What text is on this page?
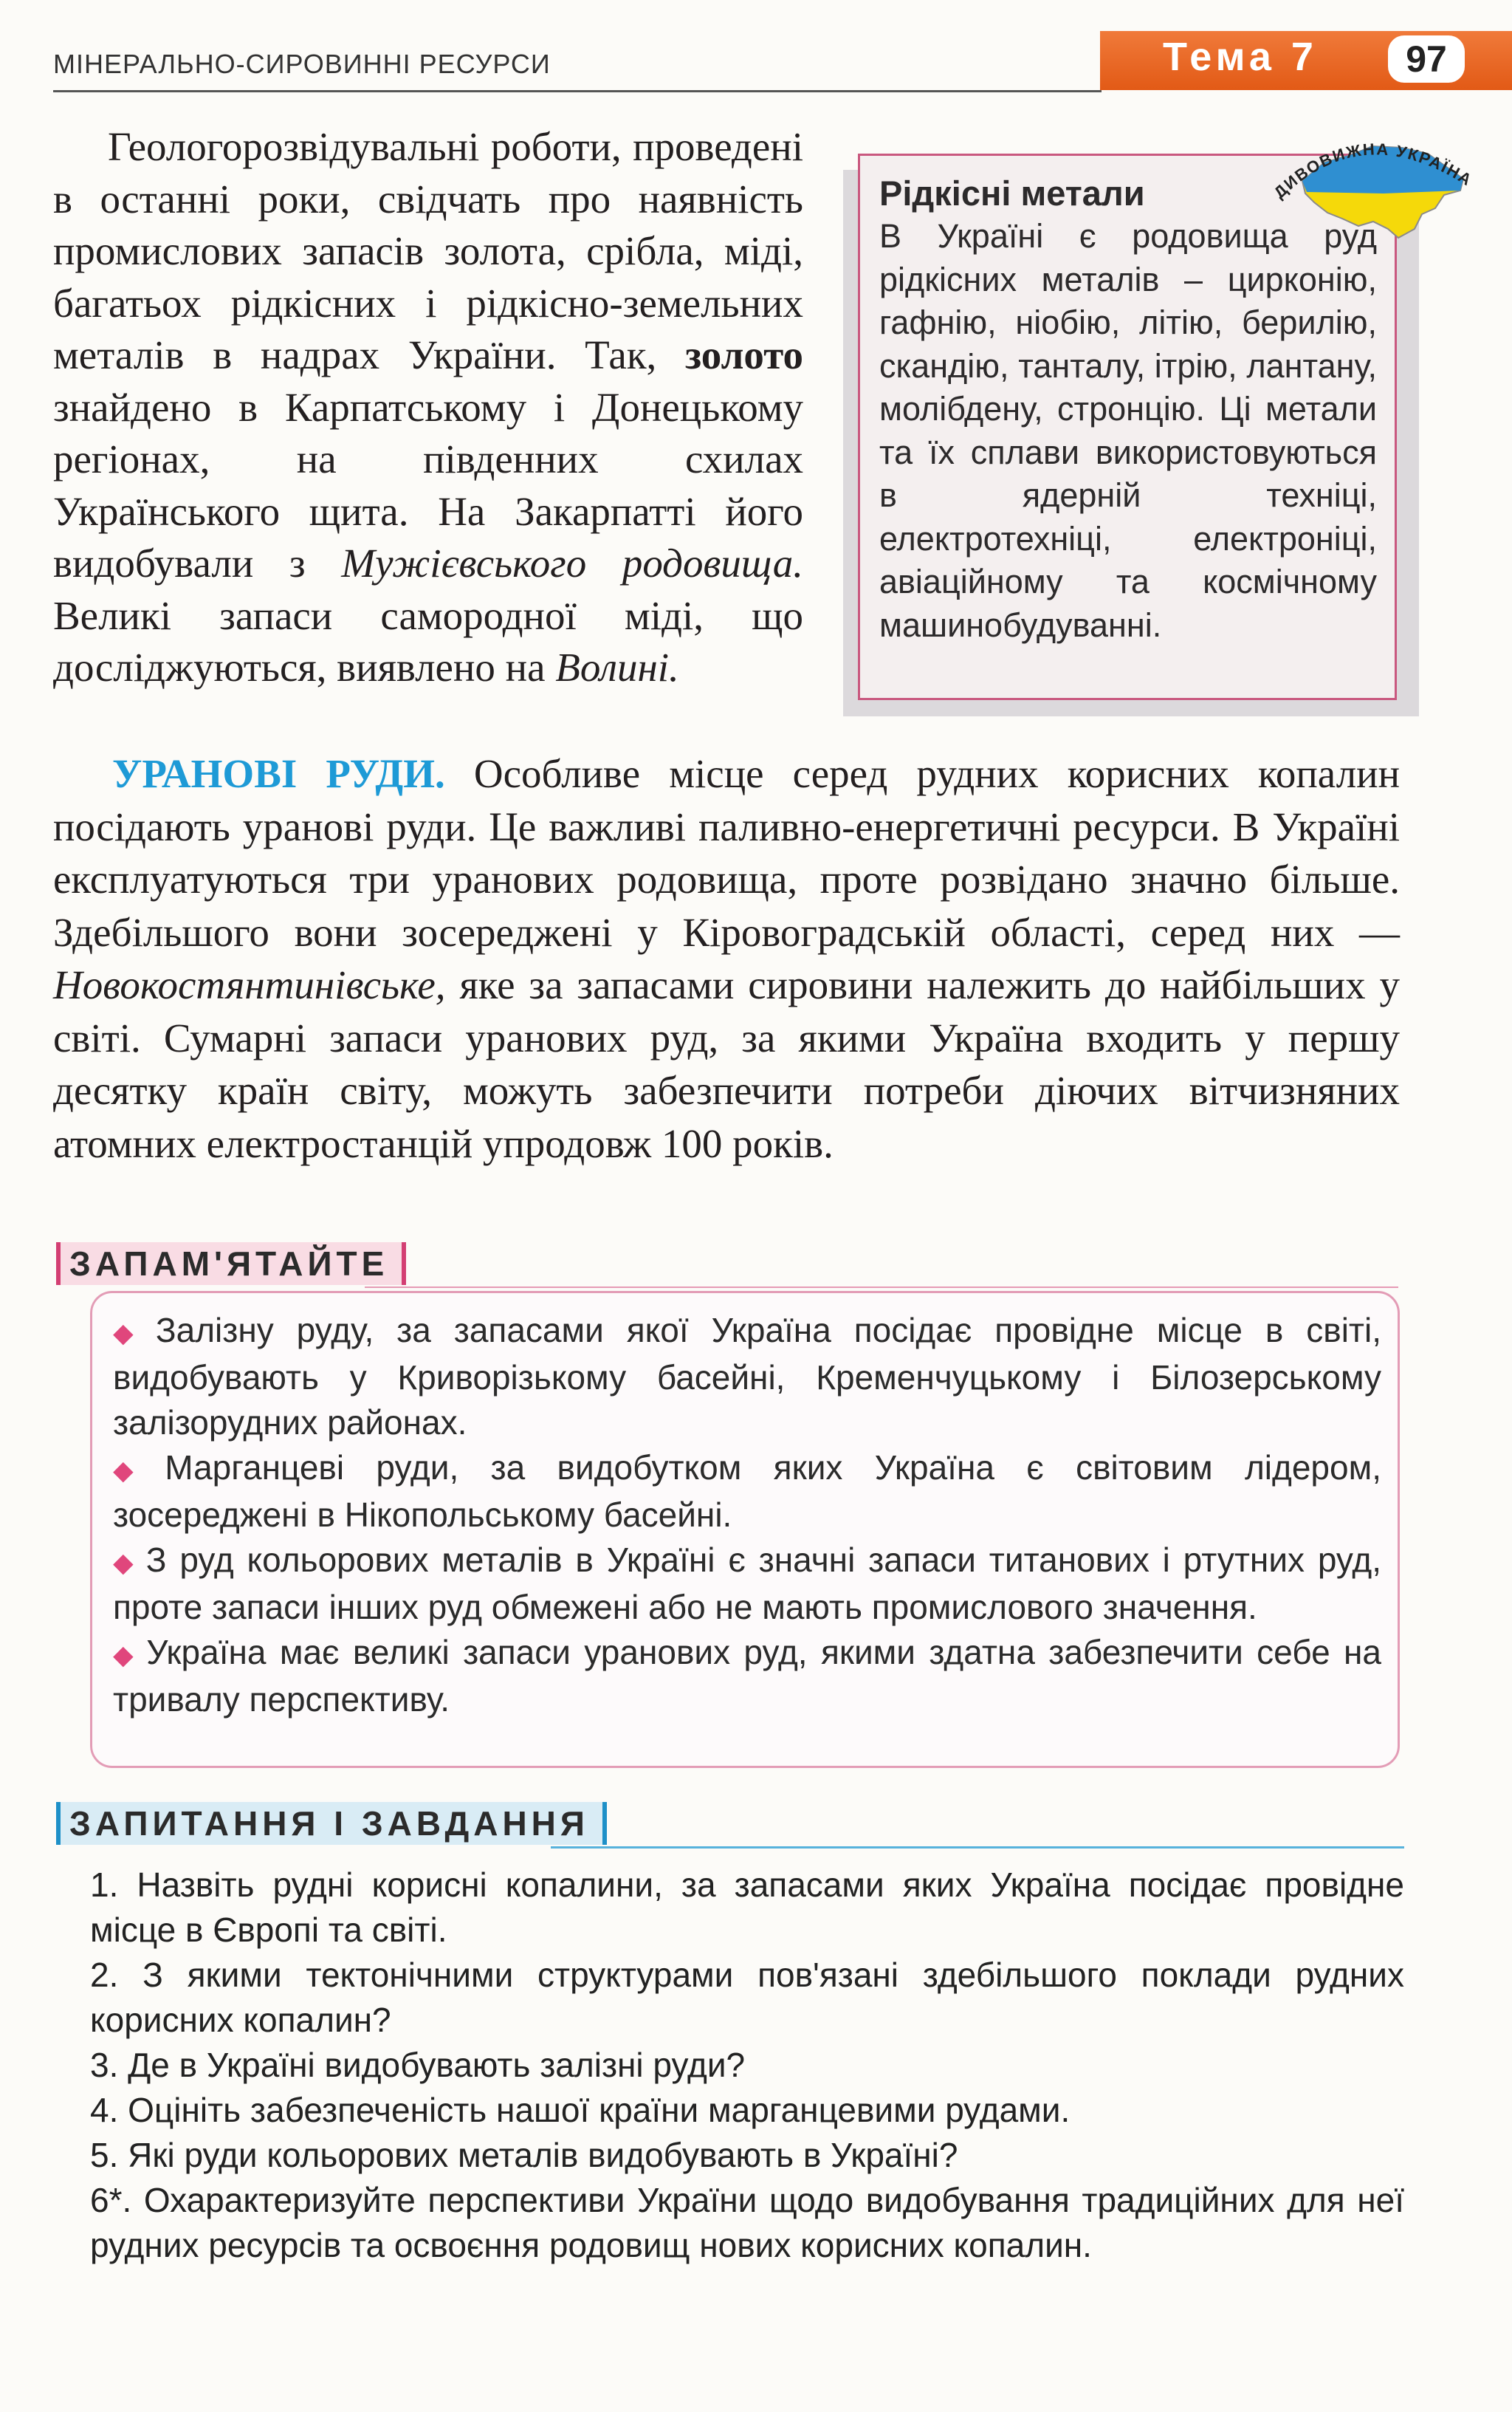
МІНЕРАЛЬНО-СИРОВИННІ РЕСУРСИ	Тема 7	97

Геологорозвідувальні роботи, проведені в останні роки, свідчать про наявність промислових запасів золота, срібла, міді, багатьох рідкісних і рідкісно-земельних металів в надрах України. Так, золото знайдено в Карпатському і Донецькому регіонах, на південних схилах Українського щита. На Закарпатті його видобували з Мужієвського родовища. Великі запаси самородної міді, що досліджуються, виявлено на Волині.

Рідкісні метали
В Україні є родовища руд рідкісних металів – цирконію, гафнію, ніобію, літію, берилію, скандію, танталу, ітрію, лантану, молібдену, стронцію. Ці метали та їх сплави використовуються в ядерній техніці, електротехніці, електроніці, авіаційному та космічному машинобудуванні.
ДИВОВИЖНА УКРАЇНА

УРАНОВІ РУДИ. Особливе місце серед рудних корисних копалин посідають уранові руди. Це важливі паливно-енергетичні ресурси. В Україні експлуатуються три уранових родовища, проте розвідано значно більше. Здебільшого вони зосереджені у Кіровоградській області, серед них — Новокостянтинівське, яке за запасами сировини належить до найбільших у світі. Сумарні запаси уранових руд, за якими Україна входить у першу десятку країн світу, можуть забезпечити потреби діючих вітчизняних атомних електростанцій упродовж 100 років.

ЗАПАМ'ЯТАЙТЕ

◆ Залізну руду, за запасами якої Україна посідає провідне місце в світі, видобувають у Криворізькому басейні, Кременчуцькому і Білозерському залізорудних районах.

◆ Марганцеві руди, за видобутком яких Україна є світовим лідером, зосереджені в Нікопольському басейні.

◆ З руд кольорових металів в Україні є значні запаси титанових і ртутних руд, проте запаси інших руд обмежені або не мають промислового значення.

◆ Україна має великі запаси уранових руд, якими здатна забезпечити себе на тривалу перспективу.

ЗАПИТАННЯ І ЗАВДАННЯ

1. Назвіть рудні корисні копалини, за запасами яких Україна посідає провідне місце в Європі та світі.

2. З якими тектонічними структурами пов'язані здебільшого поклади рудних корисних копалин?

3. Де в Україні видобувають залізні руди?

4. Оцініть забезпеченість нашої країни марганцевими рудами.

5. Які руди кольорових металів видобувають в Україні?

6*. Охарактеризуйте перспективи України щодо видобування традиційних для неї рудних ресурсів та освоєння родовищ нових корисних копалин.
